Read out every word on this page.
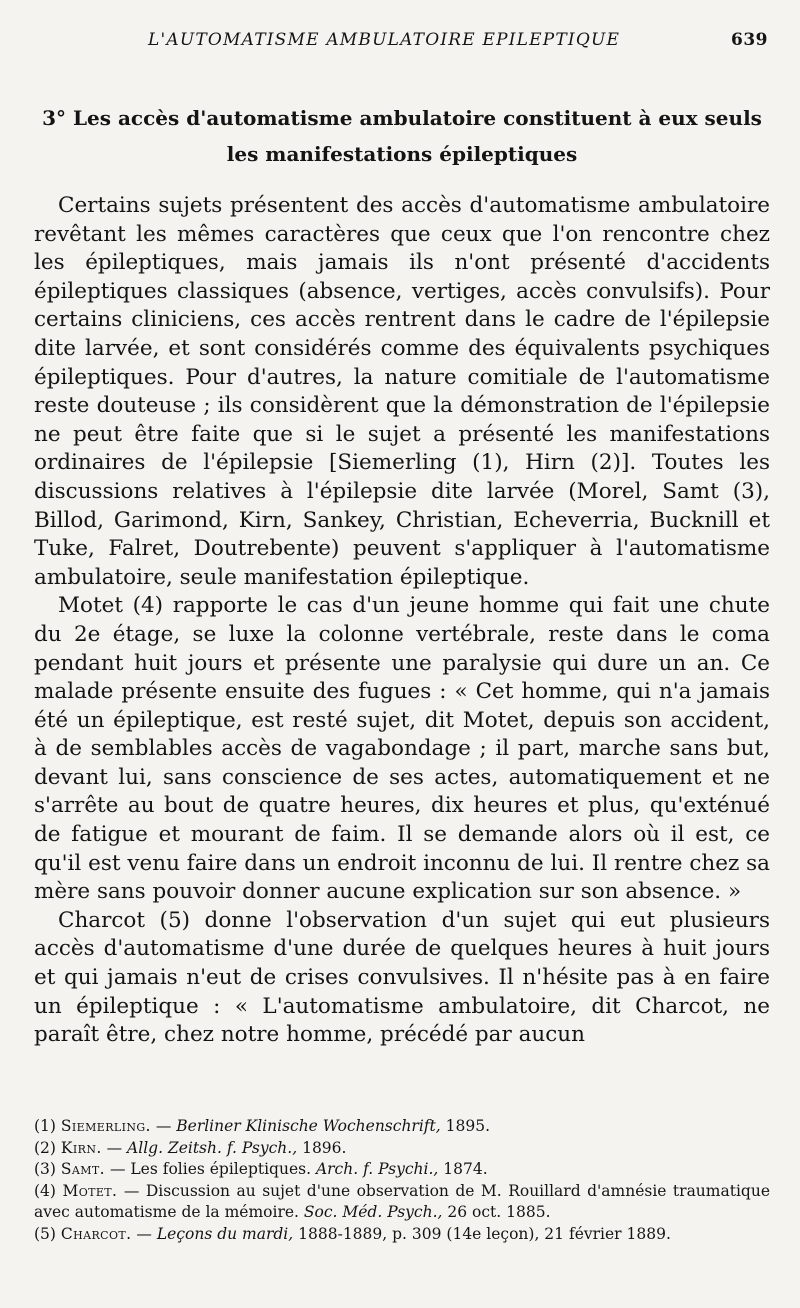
L'AUTOMATISME AMBULATOIRE EPILEPTIQUE	639
3° Les accès d'automatisme ambulatoire constituent à eux seuls les manifestations épileptiques

Certains sujets présentent des accès d'automatisme ambulatoire revêtant les mêmes caractères que ceux que l'on rencontre chez les épileptiques, mais jamais ils n'ont présenté d'accidents épileptiques classiques (absence, vertiges, accès convulsifs). Pour certains cliniciens, ces accès rentrent dans le cadre de l'épilepsie dite larvée, et sont considérés comme des équivalents psychiques épileptiques. Pour d'autres, la nature comitiale de l'automatisme reste douteuse ; ils considèrent que la démonstration de l'épilepsie ne peut être faite que si le sujet a présenté les manifestations ordinaires de l'épilepsie [Siemerling (1), Hirn (2)]. Toutes les discussions relatives à l'épilepsie dite larvée (Morel, Samt (3), Billod, Garimond, Kirn, Sankey, Christian, Echeverria, Bucknill et Tuke, Falret, Doutrebente) peuvent s'appliquer à l'automatisme ambulatoire, seule manifestation épileptique.

Motet (4) rapporte le cas d'un jeune homme qui fait une chute du 2e étage, se luxe la colonne vertébrale, reste dans le coma pendant huit jours et présente une paralysie qui dure un an. Ce malade présente ensuite des fugues : « Cet homme, qui n'a jamais été un épileptique, est resté sujet, dit Motet, depuis son accident, à de semblables accès de vagabondage ; il part, marche sans but, devant lui, sans conscience de ses actes, automatiquement et ne s'arrête au bout de quatre heures, dix heures et plus, qu'exténué de fatigue et mourant de faim. Il se demande alors où il est, ce qu'il est venu faire dans un endroit inconnu de lui. Il rentre chez sa mère sans pouvoir donner aucune explication sur son absence. »

Charcot (5) donne l'observation d'un sujet qui eut plusieurs accès d'automatisme d'une durée de quelques heures à huit jours et qui jamais n'eut de crises convulsives. Il n'hésite pas à en faire un épileptique : « L'automatisme ambulatoire, dit Charcot, ne paraît être, chez notre homme, précédé par aucun

(1) Siemerling. — Berliner Klinische Wochenschrift, 1895.

(2) Kirn. — Allg. Zeitsh. f. Psych., 1896.

(3) Samt. — Les folies épileptiques. Arch. f. Psychi., 1874.

(4) Motet. — Discussion au sujet d'une observation de M. Rouillard d'amnésie traumatique avec automatisme de la mémoire. Soc. Méd. Psych., 26 oct. 1885.

(5) Charcot. — Leçons du mardi, 1888-1889, p. 309 (14e leçon), 21 février 1889.
